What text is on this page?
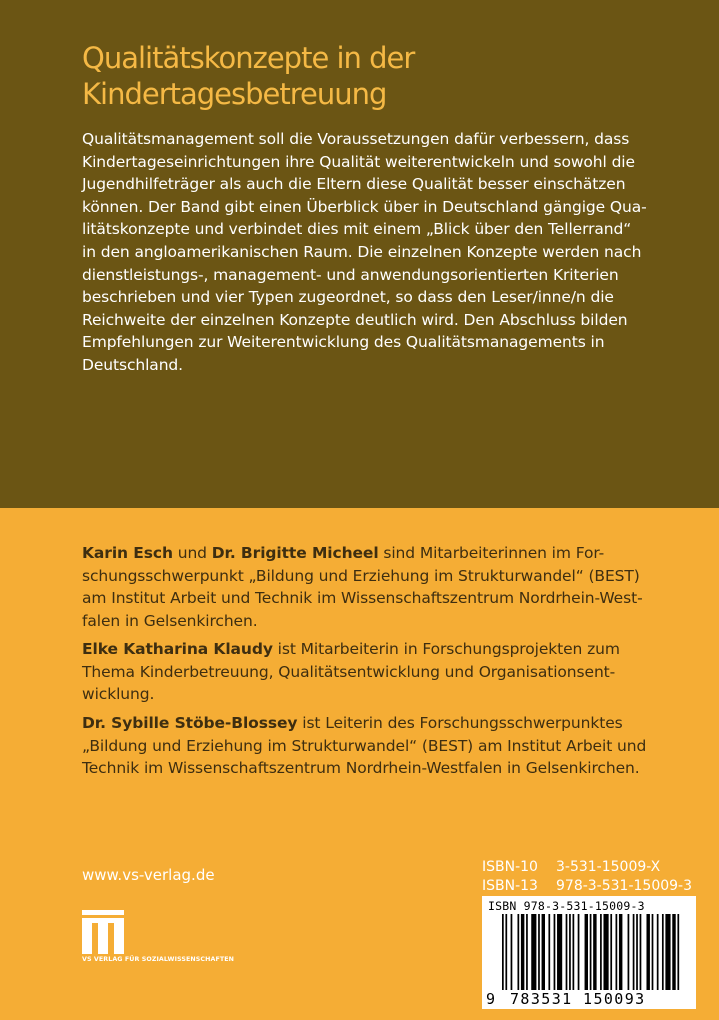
Qualitätskonzepte in der
Kindertagesbetreuung

Qualitätsmanagement soll die Voraussetzungen dafür verbessern, dass
Kindertageseinrichtungen ihre Qualität weiterentwickeln und sowohl die
Jugendhilfeträger als auch die Eltern diese Qualität besser einschätzen
können. Der Band gibt einen Überblick über in Deutschland gängige Qua-
litätskonzepte und verbindet dies mit einem „Blick über den Tellerrand“
in den angloamerikanischen Raum. Die einzelnen Konzepte werden nach
dienstleistungs-, management- und anwendungsorientierten Kriterien
beschrieben und vier Typen zugeordnet, so dass den Leser/inne/n die
Reichweite der einzelnen Konzepte deutlich wird. Den Abschluss bilden
Empfehlungen zur Weiterentwicklung des Qualitätsmanagements in
Deutschland.

Karin Esch und Dr. Brigitte Micheel sind Mitarbeiterinnen im For-
schungsschwerpunkt „Bildung und Erziehung im Strukturwandel“ (BEST)
am Institut Arbeit und Technik im Wissenschaftszentrum Nordrhein-West-
falen in Gelsenkirchen.

Elke Katharina Klaudy ist Mitarbeiterin in Forschungsprojekten zum
Thema Kinderbetreuung, Qualitätsentwicklung und Organisationsent-
wicklung.

Dr. Sybille Stöbe-Blossey ist Leiterin des Forschungsschwerpunktes
„Bildung und Erziehung im Strukturwandel“ (BEST) am Institut Arbeit und
Technik im Wissenschaftszentrum Nordrhein-Westfalen in Gelsenkirchen.

www.vs-verlag.de
VS VERLAG FÜR SOZIALWISSENSCHAFTEN
ISBN-10 3-531-15009-X
ISBN-13 978-3-531-15009-3
ISBN 978-3-531-15009-3
9 783531 150093
